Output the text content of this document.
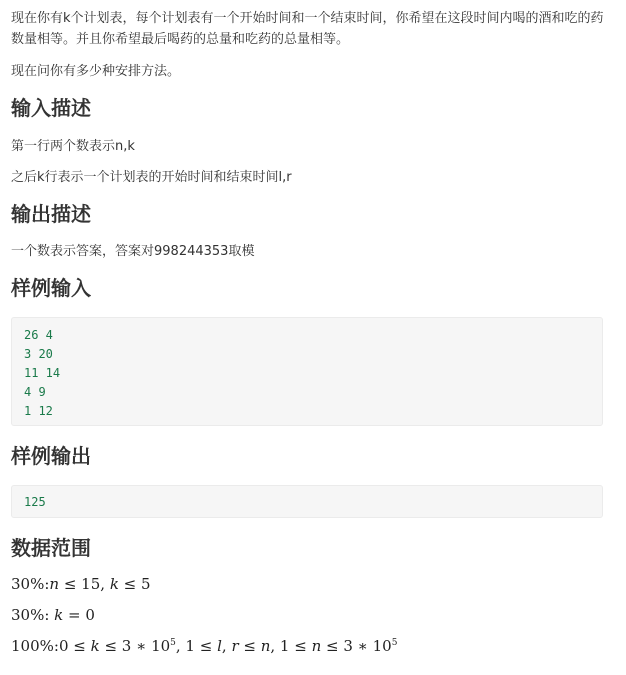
现在你有k个计划表，每个计划表有一个开始时间和一个结束时间，你希望在这段时间内喝的酒和吃的药数量相等。并且你希望最后喝药的总量和吃药的总量相等。

现在问你有多少种安排方法。

输入描述

第一行两个数表示n,k

之后k行表示一个计划表的开始时间和结束时间l,r

输出描述

一个数表示答案，答案对998244353取模

样例输入
26 4
3 20
11 14
4 9
1 12
样例输出
125
数据范围
30%:n ≤ 15, k ≤ 5
30%: k = 0
100%:0 ≤ k ≤ 3 ∗ $10^5$, 1 ≤ l, r ≤ n, 1 ≤ n ≤ 3 ∗ $10^5$
